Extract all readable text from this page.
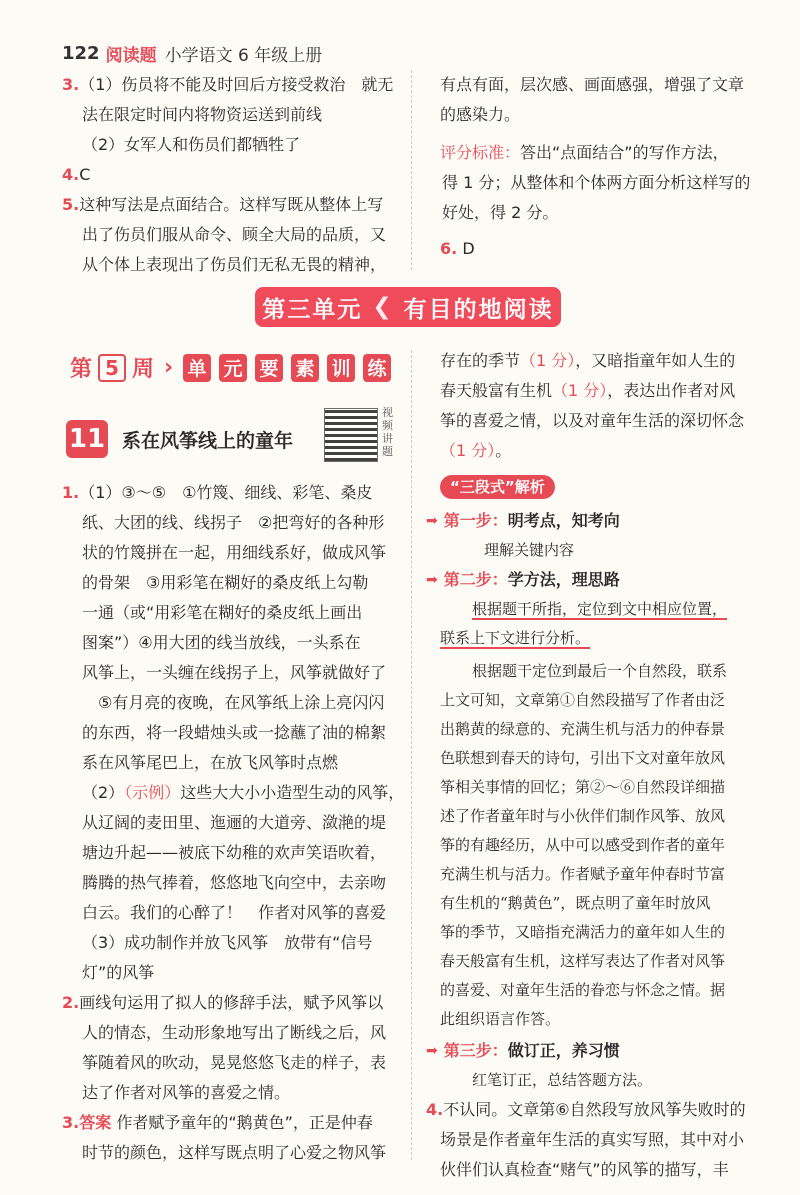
122 阅读题 小学语文 6 年级上册
3.（1）伤员将不能及时回后方接受救治　就无
法在限定时间内将物资运送到前线
（2）女军人和伤员们都牺牲了
4.C
5.这种写法是点面结合。这样写既从整体上写
出了伤员们服从命令、顾全大局的品质，又
从个体上表现出了伤员们无私无畏的精神，
有点有面，层次感、画面感强，增强了文章
的感染力。
评分标准：答出“点面结合”的写作方法，
得 1 分；从整体和个体两方面分析这样写的
好处，得 2 分。
6. D
第三单元 ❮ 有目的地阅读
第 5 周 › 单 元 要 素 训 练
11 系在风筝线上的童年
视频讲题
1.（1）③～⑤　①竹篾、细线、彩笔、桑皮
纸、大团的线、线拐子　②把弯好的各种形
状的竹篾拼在一起，用细线系好，做成风筝
的骨架　③用彩笔在糊好的桑皮纸上勾勒
一通（或“用彩笔在糊好的桑皮纸上画出
图案”）④用大团的线当放线，一头系在
风筝上，一头缠在线拐子上，风筝就做好了
⑤有月亮的夜晚，在风筝纸上涂上亮闪闪
的东西，将一段蜡烛头或一捻蘸了油的棉絮
系在风筝尾巴上，在放飞风筝时点燃
（2）（示例）这些大大小小造型生动的风筝，
从辽阔的麦田里、迤逦的大道旁、潋滟的堤
塘边升起——被底下幼稚的欢声笑语吹着，
腾腾的热气捧着，悠悠地飞向空中，去亲吻
白云。我们的心醉了！　作者对风筝的喜爱
（3）成功制作并放飞风筝　放带有“信号
灯”的风筝
2.画线句运用了拟人的修辞手法，赋予风筝以
人的情态，生动形象地写出了断线之后，风
筝随着风的吹动，晃晃悠悠飞走的样子，表
达了作者对风筝的喜爱之情。
3.答案 作者赋予童年的“鹅黄色”，正是仲春
时节的颜色，这样写既点明了心爱之物风筝
存在的季节（1 分），又暗指童年如人生的
春天般富有生机（1 分），表达出作者对风
筝的喜爱之情，以及对童年生活的深切怀念
（1 分）。
“三段式”解析
➡ 第一步： 明考点，知考向
理解关键内容
➡ 第二步： 学方法，理思路
根据题干所指，定位到文中相应位置，
联系上下文进行分析。
根据题干定位到最后一个自然段，联系
上文可知，文章第①自然段描写了作者由泛
出鹅黄的绿意的、充满生机与活力的仲春景
色联想到春天的诗句，引出下文对童年放风
筝相关事情的回忆；第②～⑥自然段详细描
述了作者童年时与小伙伴们制作风筝、放风
筝的有趣经历，从中可以感受到作者的童年
充满生机与活力。作者赋予童年仲春时节富
有生机的“鹅黄色”，既点明了童年时放风
筝的季节，又暗指充满活力的童年如人生的
春天般富有生机，这样写表达了作者对风筝
的喜爱、对童年生活的眷恋与怀念之情。据
此组织语言作答。
➡ 第三步： 做订正，养习惯
红笔订正，总结答题方法。
4.不认同。文章第⑥自然段写放风筝失败时的
场景是作者童年生活的真实写照，其中对小
伙伴们认真检查“赌气”的风筝的描写，丰
